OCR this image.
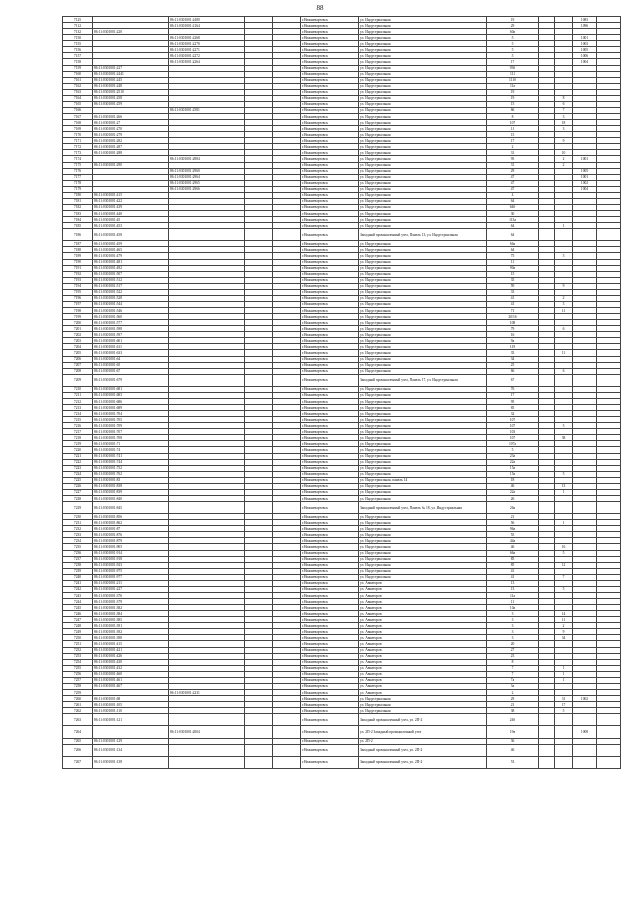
88
7125		86:11:0301001:2480			г.Нижневартовск	ул. Индустриальная	19			1083	
7112		86:11:0301001:2164			г.Нижневартовск	ул. Индустриальная	29			1096	
7132	86:11:0301001:220				г.Нижневартовск	ул. Индустриальная	60а				
7150		86:11:0301001:2268			г.Нижневартовск	ул. Индустриальная	5			1001	
7155		86:11:0301001:2270			г.Нижневартовск	ул. Индустриальная	5			1003	
7156		86:11:0301001:2271			г.Нижневартовск	ул. Индустриальная	5			1005	
7157		86:11:0301001:2272			г.Нижневартовск	ул. Индустриальная	5			1006	
7158		86:11:0301001:2264			г.Нижневартовск	ул. Индустриальная	17			1004	
7159	86:11:0301001:227				г.Нижневартовск	ул. Индустриальная	93б				
7160	86:11:0301001:2441				г.Нижневартовск	ул. Индустриальная	111				
7161	86:11:0301001:245				г.Нижневартовск	ул. Индустриальная	111б				
7162	86:11:0301001:248				г.Нижневартовск	ул. Индустриальная	11а				
7163	86:11:0301001:2510				г.Нижневартовск	ул. Индустриальная	19				
7164	86:11:0301001:258				г.Нижневартовск	ул. Индустриальная	19		8		
7165	86:11:0301001:259				г.Нижневартовск	ул. Индустриальная	15		6		
7166		86:11:0301001:2581			г.Нижневартовск	ул. Индустриальная	66		7		
7167	86:11:0301001:266				г.Нижневартовск	ул. Индустриальная	8		3		
7168	86:11:0301001:27				г.Нижневартовск	ул. Индустриальная	107		18		
7169	86:11:0301001:270				г.Нижневартовск	ул. Индустриальная	11		3		
7170	86:11:0301001:279				г.Нижневартовск	ул. Индустриальная	15				
7171	86:11:0301001:282				г.Нижневартовск	ул. Индустриальная	17		9		
7172	86:11:0301001:287				г.Нижневартовск	ул. Индустриальная	2				
7173	86:11:0301001:288				г.Нижневартовск	ул. Индустриальная	31		10		
7174		86:11:0301001:2884			г.Нижневартовск	ул. Индустриальная	95		2	1001	
7175	86:11:0301001:290				г.Нижневартовск	ул. Индустриальная	31		2		
7176		86:11:0301001:2960			г.Нижневартовск	ул. Индустриальная	29			1005	
7177		86:11:0301001:2964			г.Нижневартовск	ул. Индустриальная	47			1001	
7178		86:11:0301001:2965			г.Нижневартовск	ул. Индустриальная	47			1002	
7179		86:11:0301001:2966			г.Нижневартовск	ул. Индустриальная	47			1004	
7180	86:11:0301001:415				г.Нижневартовск	ул. Индустриальная	4				
7181	86:11:0301001:422				г.Нижневартовск	ул. Индустриальная	64				
7182	86:11:0301001:439				г.Нижневартовск	ул. Индустриальная	64б				
7183	86:11:0301001:440				г.Нижневартовск	ул. Индустриальная	30				
7184	86:11:0301001:45				г.Нижневартовск	ул. Индустриальная	113а				
7185	86:11:0301001:453				г.Нижневартовск	ул. Индустриальная	64		1		
7186	86:11:0301001:458				г.Нижневартовск	Западный промышленный узел, Панель 13, ул. Индустриальная	64				
7187	86:11:0301001:459				г.Нижневартовск	ул. Индустриальная	66а				
7188	86:11:0301001:465				г.Нижневартовск	ул. Индустриальная	64				
7189	86:11:0301001:479				г.Нижневартовск	ул. Индустриальная	75		5		
7190	86:11:0301001:481				г.Нижневартовск	ул. Индустриальная	11				
7191	86:11:0301001:492				г.Нижневартовск	ул. Индустриальная	90а				
7192	86:11:0301001:507				г.Нижневартовск	ул. Индустриальная	15				
7193	86:11:0301001:512				г.Нижневартовск	ул. Индустриальная	35				
7194	86:11:0301001:517				г.Нижневартовск	ул. Индустриальная	59		9		
7195	86:11:0301001:522				г.Нижневартовск	ул. Индустриальная	33				
7196	86:11:0301001:528				г.Нижневартовск	ул. Индустриальная	41		2		
7197	86:11:0301001:544				г.Нижневартовск	ул. Индустриальная	41		3		
7198	86:11:0301001:546				г.Нижневартовск	ул. Индустриальная	71		11		
7199	86:11:0301001:560				г.Нижневартовск	ул. Индустриальная	20/16				
7200	86:11:0301001:577				г.Нижневартовск	ул. Индустриальная	108				
7201	86:11:0301001:598				г.Нижневартовск	ул. Индустриальная	79		6		
7202	86:11:0301001:597				г.Нижневартовск	ул. Индустриальная	16				
7203	86:11:0301001:601				г.Нижневартовск	ул. Индустриальная	9а				
7204	86:11:0301001:611				г.Нижневартовск	ул. Индустриальная	119				
7205	86:11:0301001:633				г.Нижневартовск	ул. Индустриальная	35		11		
7206	86:11:0301001:64				г.Нижневартовск	ул. Индустриальная	34				
7207	86:11:0301001:65				г.Нижневартовск	ул. Индустриальная	25				
7208	86:11:0301001:67				г.Нижневартовск	ул. Индустриальная	66		6		
7209	86:11:0301001:679				г.Нижневартовск	Западный промышленный узел, Панель 17, ул. Индустриальная	67				
7210	86:11:0301001:681				г.Нижневартовск	ул. Индустриальная	76				
7211	86:11:0301001:683				г.Нижневартовск	ул. Индустриальная	17				
7212	86:11:0301001:686				г.Нижневартовск	ул. Индустриальная	95				
7213	86:11:0301001:689				г.Нижневартовск	ул. Индустриальная	85				
7214	86:11:0301001:704				г.Нижневартовск	ул. Индустриальная	32				
7215	86:11:0301001:705				г.Нижневартовск	ул. Индустриальная	107				
7216	86:11:0301001:709				г.Нижневартовск	ул. Индустриальная	107		5		
7217	86:11:0301001:707				г.Нижневартовск	ул. Индустриальная	103				
7218	86:11:0301001:708				г.Нижневартовск	ул. Индустриальная	107		38		
7219	86:11:0301001:71				г.Нижневартовск	ул. Индустриальная	107а				
7220	86:11:0301001:74				г.Нижневартовск	ул. Индустриальная	5				
7221	86:11:0301001:741				г.Нижневартовск	ул. Индустриальная	23а				
7222	86:11:0301001:744				г.Нижневартовск	ул. Индустриальная	22а				
7223	86:11:0301001:752				г.Нижневартовск	ул. Индустриальная	15а				
7224	86:11:0301001:762				г.Нижневартовск	ул. Индустриальная	15а		5		
7225	86:11:0301001:83				г.Нижневартовск	ул. Индустриальная, панель 14	18				
7226	86:11:0301001:838				г.Нижневартовск	ул. Индустриальная	46		13		
7227	86:11:0301001:839				г.Нижневартовск	ул. Индустриальная	22а		1		
7228	86:11:0301001:840				г.Нижневартовск	ул. Индустриальная	26				
7229	86:11:0301001:845				г.Нижневартовск	Западный промышленный узел, Панель № 18, ул. Индустриальная	26а				
7230	86:11:0301001:856				г.Нижневартовск	ул. Индустриальная	21				
7231	86:11:0301001:862				г.Нижневартовск	ул. Индустриальная	56		1		
7232	86:11:0301001:87				г.Нижневартовск	ул. Индустриальная	96а				
7233	86:11:0301001:876				г.Нижневартовск	ул. Индустриальная	55				
7234	86:11:0301001:879				г.Нижневартовск	ул. Индустриальная	44а				
7235	86:11:0301001:905				г.Нижневартовск	ул. Индустриальная	46		16		
7236	86:11:0301001:914				г.Нижневартовск	ул. Индустриальная	66а		5		
7237	86:11:0301001:918				г.Нижневартовск	ул. Индустриальная	85				
7238	86:11:0301001:923				г.Нижневартовск	ул. Индустриальная	85		12		
7239	86:11:0301001:975				г.Нижневартовск	ул. Индустриальная	41				
7240	86:11:0301001:977				г.Нижневартовск	ул. Индустриальная	41		7		
7241	86:11:0301001:211				г.Нижневартовск	ул. Авиаторов	13				
7242	86:11:0301001:227				г.Нижневартовск	ул. Авиаторов	13		5		
7243	86:11:0301001:376				г.Нижневартовск	ул. Авиаторов	11а				
7244	86:11:0301001:379				г.Нижневартовск	ул. Авиаторов	11				
7245	86:11:0301001:382				г.Нижневартовск	ул. Авиаторов	10а				
7246	86:11:0301001:384				г.Нижневартовск	ул. Авиаторов	3		14		
7247	86:11:0301001:385				г.Нижневартовск	ул. Авиаторов	3		11		
7248	86:11:0301001:391				г.Нижневартовск	ул. Авиаторов	3		2		
7249	86:11:0301001:392				г.Нижневартовск	ул. Авиаторов	3		9		
7250	86:11:0301001:398				г.Нижневартовск	ул. Авиаторов	3		34		
7251	86:11:0301001:415				г.Нижневартовск	ул. Авиаторов	20				
7252	86:11:0301001:421				г.Нижневартовск	ул. Авиаторов	27				
7253	86:11:0301001:426				г.Нижневартовск	ул. Авиаторов	23				
7254	86:11:0301001:430				г.Нижневартовск	ул. Авиаторов	8				
7255	86:11:0301001:432				г.Нижневартовск	ул. Авиаторов	7		1		
7256	86:11:0301001:460				г.Нижневартовск	ул. Авиаторов	7		1		
7257	86:11:0301001:461				г.Нижневартовск	ул. Авиаторов	7а		1		
7258	86:11:0301001:467				г.Нижневартовск	ул. Авиаторов	3а				
7259		86:11:0301001:2231			г.Нижневартовск	ул. Авиаторов	2				
7260	86:11:0301001:68				г.Нижневартовск	ул. Индустриальная	29		31	1002	
7261	86:11:0301001:105				г.Нижневартовск	ул. Индустриальная	21		17		
7262	86:11:0301001:110				г.Нижневартовск	ул. Индустриальная	38		5		
7263	86:11:0301001:121				г.Нижневартовск	Западный промышленный узел, ул. 2П-2	24б				
7264		86:11:0301001:2004			г.Нижневартовск	ул. 2П-2 Западный промышленный узел	19в			1008	
7265	86:11:0301001:129				г.Нижневартовск	ул. 2П-2	36				
7266	86:11:0301001:134				г.Нижневартовск	Западный промышленный узел, ул. 2П-2	46				
7267	86:11:0301001:138				г.Нижневартовск	Западный промышленный узел, ул. 2П-2	53				
